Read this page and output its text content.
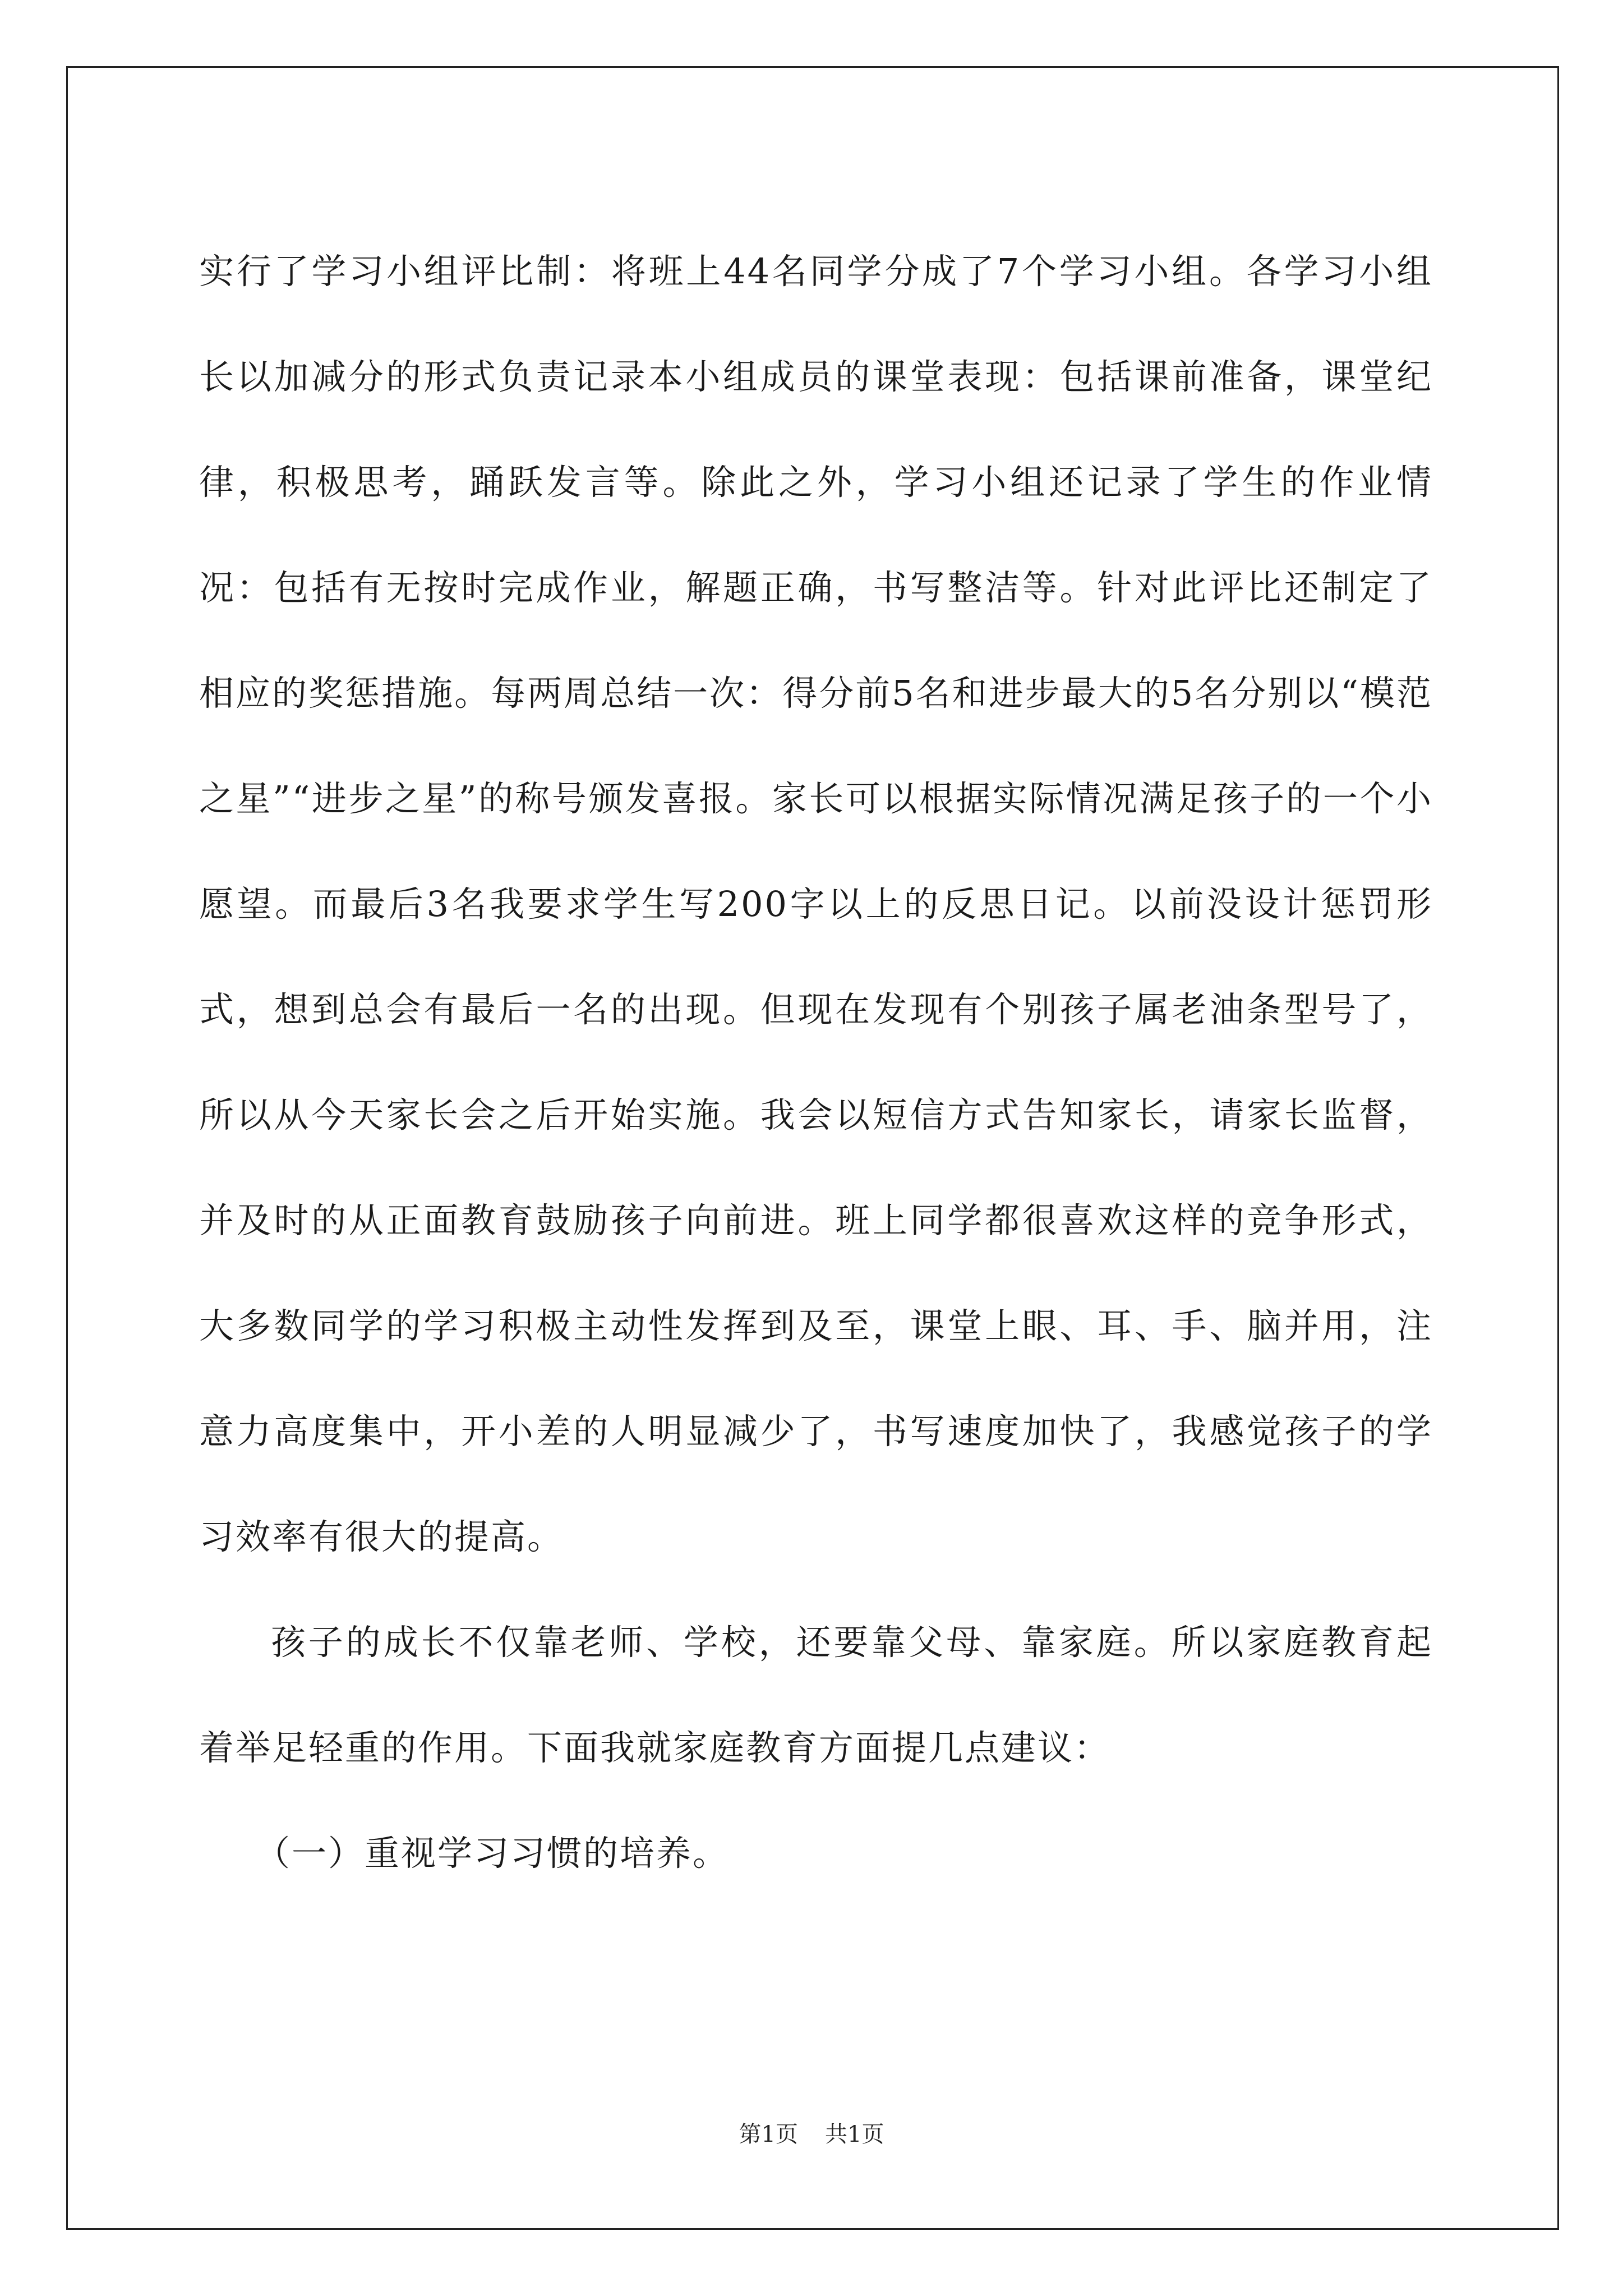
实行了学习小组评比制：将班上44名同学分成了7个学习小组。各学习小组长以加减分的形式负责记录本小组成员的课堂表现：包括课前准备，课堂纪律，积极思考，踊跃发言等。除此之外，学习小组还记录了学生的作业情况：包括有无按时完成作业，解题正确，书写整洁等。针对此评比还制定了相应的奖惩措施。每两周总结一次：得分前5名和进步最大的5名分别以“模范之星”“进步之星”的称号颁发喜报。家长可以根据实际情况满足孩子的一个小愿望。而最后3名我要求学生写200字以上的反思日记。以前没设计惩罚形式，想到总会有最后一名的出现。但现在发现有个别孩子属老油条型号了，所以从今天家长会之后开始实施。我会以短信方式告知家长，请家长监督，并及时的从正面教育鼓励孩子向前进。班上同学都很喜欢这样的竞争形式，大多数同学的学习积极主动性发挥到及至，课堂上眼、耳、手、脑并用，注意力高度集中，开小差的人明显减少了，书写速度加快了，我感觉孩子的学习效率有很大的提高。

孩子的成长不仅靠老师、学校，还要靠父母、靠家庭。所以家庭教育起着举足轻重的作用。下面我就家庭教育方面提几点建议：

（一）重视学习习惯的培养。

第1页 共1页
